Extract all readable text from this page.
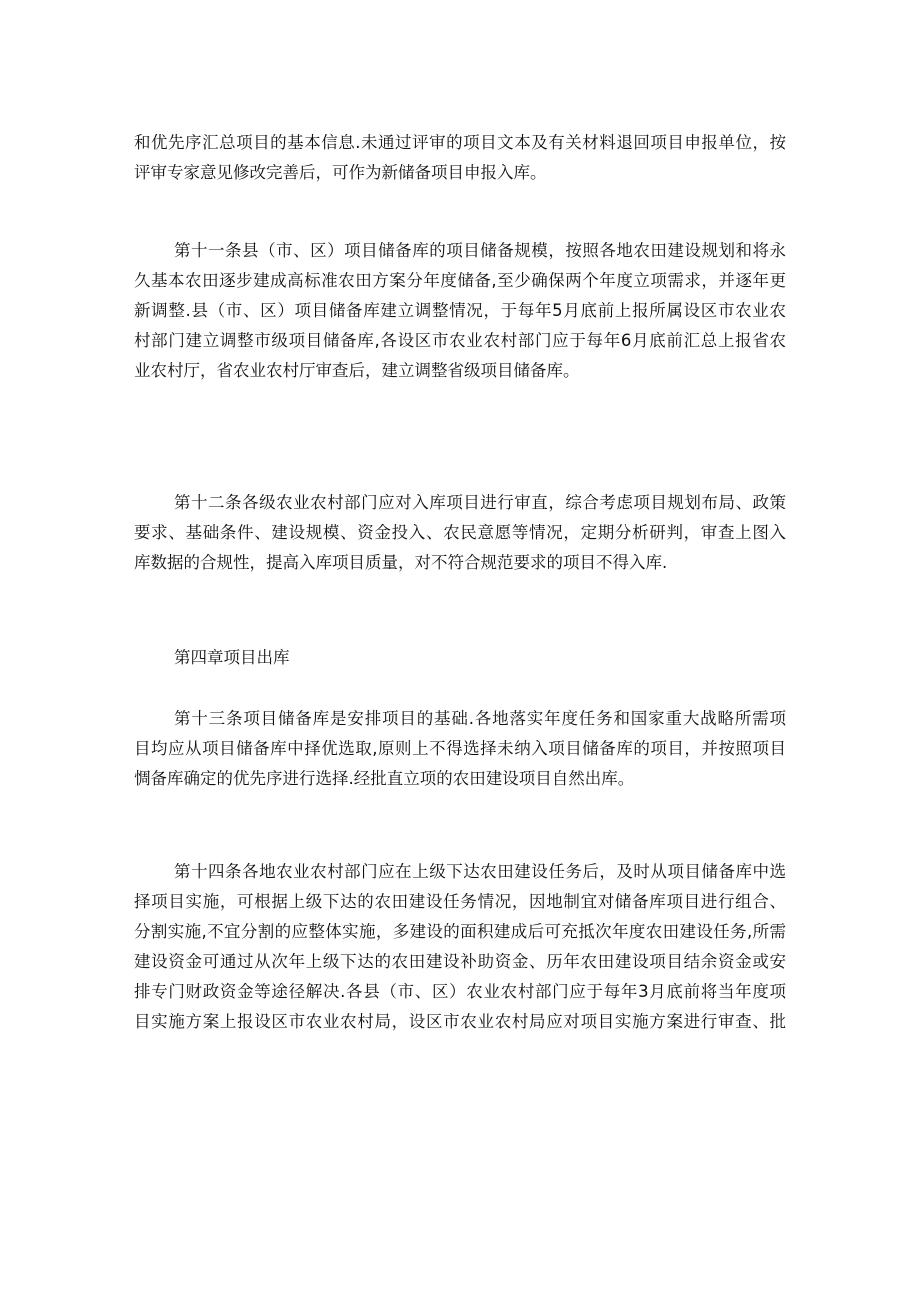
和优先序汇总项目的基本信息.未通过评审的项目文本及有关材料退回项目申报单位，按
评审专家意见修改完善后，可作为新储备项目申报入库。
第十一条县（市、区）项目储备库的项目储备规模，按照各地农田建设规划和将永
久基本农田逐步建成高标准农田方案分年度储备,至少确保两个年度立项需求，并逐年更
新调整.县（市、区）项目储备库建立调整情况，于每年5月底前上报所属设区市农业农
村部门建立调整市级项目储备库,各设区市农业农村部门应于每年6月底前汇总上报省农
业农村厅，省农业农村厅审查后，建立调整省级项目储备库。
第十二条各级农业农村部门应对入库项目进行审直，综合考虑项目规划布局、政策
要求、基础条件、建设规模、资金投入、农民意愿等情况，定期分析研判，审查上图入
库数据的合规性，提高入库项目质量，对不符合规范要求的项目不得入库.
第四章项目出库
第十三条项目储备库是安排项目的基础.各地落实年度任务和国家重大战略所需项
目均应从项目储备库中择优选取,原则上不得选择未纳入项目储备库的项目，并按照项目
惆备库确定的优先序进行选择.经批直立项的农田建设项目自然出库。
第十四条各地农业农村部门应在上级下达农田建设任务后，及时从项目储备库中选
择项目实施，可根据上级下达的农田建设任务情况，因地制宜对储备库项目进行组合、
分割实施,不宜分割的应整体实施，多建设的面积建成后可充抵次年度农田建设任务,所需
建设资金可通过从次年上级下达的农田建设补助资金、历年农田建设项目结余资金或安
排专门财政资金等途径解决.各县（市、区）农业农村部门应于每年3月底前将当年度项
目实施方案上报设区市农业农村局，设区市农业农村局应对项目实施方案进行审查、批
